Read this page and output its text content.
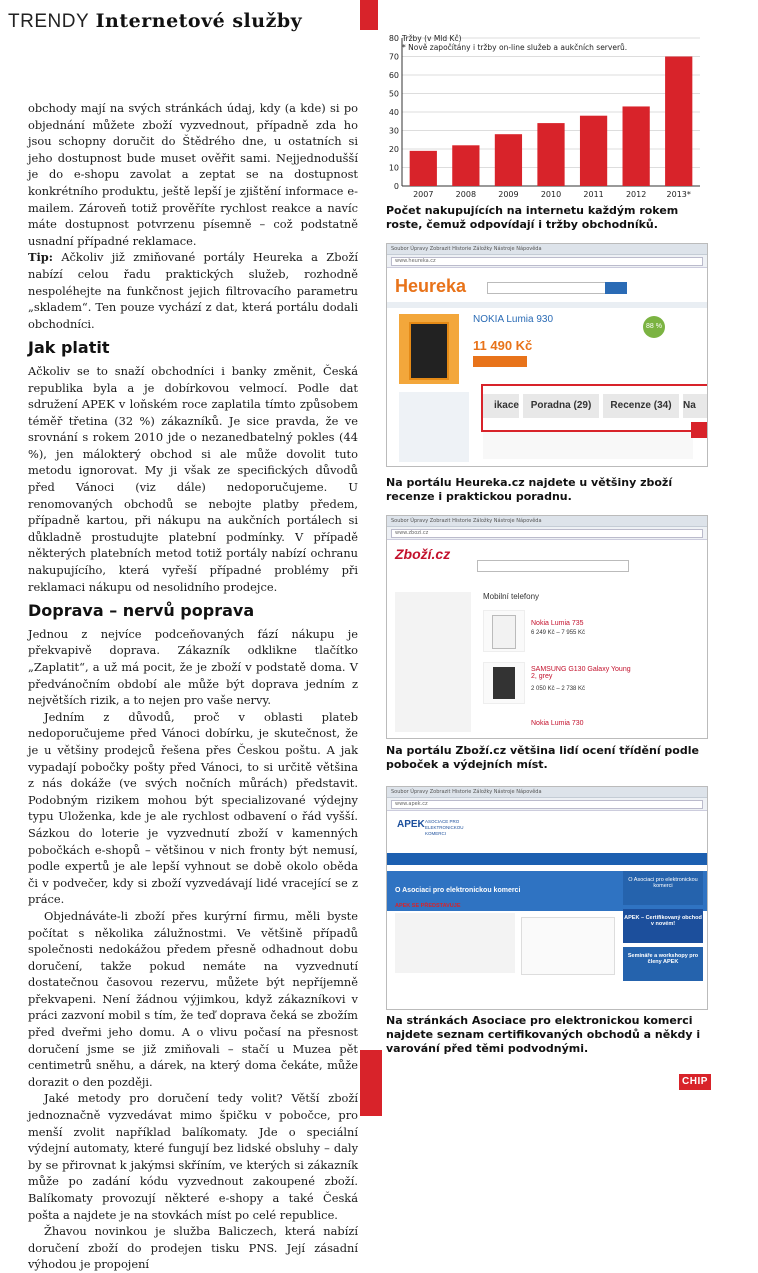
TRENDY Internetové služby

obchody mají na svých stránkách údaj, kdy (a kde) si po objednání můžete zboží vyzvednout, případně zda ho jsou schopny doručit do Štědrého dne, u ostatních si jeho dostupnost bude muset ověřit sami. Nejjednodušší je do e-shopu zavolat a zeptat se na dostupnost konkrétního produktu, ještě lepší je zjištění informace e-mailem. Zároveň totiž prověříte rychlost reakce a navíc máte dostupnost potvrzenu písemně – což podstatně usnadní případné reklamace.

Tip: Ačkoliv již zmiňované portály Heureka a Zboží nabízí celou řadu praktických služeb, rozhodně nespoléhejte na funkčnost jejich filtrovacího parametru „skladem“. Ten pouze vychází z dat, která portálu dodali obchodníci.

Jak platit

Ačkoliv se to snaží obchodníci i banky změnit, Česká republika byla a je dobírkovou velmocí. Podle dat sdružení APEK v loňském roce zaplatila tímto způsobem téměř třetina (32 %) zákazníků. Je sice pravda, že ve srovnání s rokem 2010 jde o nezanedbatelný pokles (44 %), jen málokterý obchod si ale může dovolit tuto metodu ignorovat. My ji však ze specifických důvodů před Vánoci (viz dále) nedoporučujeme. U renomovaných obchodů se nebojte platby předem, případně kartou, při nákupu na aukčních portálech si důkladně prostudujte platební podmínky. V případě některých platebních metod totiž portály nabízí ochranu nakupujícího, která vyřeší případné problémy při reklamaci nákupu od nesolidního prodejce.

Doprava – nervů poprava

Jednou z nejvíce podceňovaných fází nákupu je překvapivě doprava. Zákazník odklikne tlačítko „Zaplatit“, a už má pocit, že je zboží v podstatě doma. V předvánočním období ale může být doprava jedním z největších rizik, a to nejen pro vaše nervy.

Jedním z důvodů, proč v oblasti plateb nedoporučujeme před Vánoci dobírku, je skutečnost, že je u většiny prodejců řešena přes Českou poštu. A jak vypadají pobočky pošty před Vánoci, to si určitě většina z nás dokáže (ve svých nočních můrách) představit. Podobným rizikem mohou být specializované výdejny typu Uloženka, kde je ale rychlost odbavení o řád vyšší. Sázkou do loterie je vyzvednutí zboží v kamenných pobočkách e-shopů – většinou v nich fronty být nemusí, podle expertů je ale lepší vyhnout se době okolo oběda či v podvečer, kdy si zboží vyzvedávají lidé vracející se z práce.

Objednáváte-li zboží přes kurýrní firmu, měli byste počítat s několika zálužnostmi. Ve většině případů společnosti nedokážou předem přesně odhadnout dobu doručení, takže pokud nemáte na vyzvednutí dostatečnou časovou rezervu, můžete být nepříjemně překvapeni. Není žádnou výjimkou, když zákazníkovi v práci zazvoní mobil s tím, že teď doprava čeká se zbožím před dveřmi jeho domu. A o vlivu počasí na přesnost doručení jsme se již zmiňovali – stačí u Muzea pět centimetrů sněhu, a dárek, na který doma čekáte, může dorazit o den později.

Jaké metody pro doručení tedy volit? Větší zboží jednoznačně vyzvedávat mimo špičku v pobočce, pro menší zvolit například balíkomaty. Jde o speciální výdejní automaty, které fungují bez lidské obsluhy – daly by se přirovnat k jakýmsi skříním, ve kterých si zákazník může po zadání kódu vyzvednout zakoupené zboží. Balíkomaty provozují některé e-shopy a také Česká pošta a najdete je na stovkách míst po celé republice.

Žhavou novinkou je služba Baliczech, která nabízí doručení zboží do prodejen tisku PNS. Její zásadní výhodou je propojení

0
10
20
30
40
50
60
70
80
2007	2008	2009	2010	2011	2012	2013*
Tržby (v Mld Kč)
* Nově započítány i tržby on-line služeb a aukčních serverů.
Počet nakupujících na internetu každým rokem roste, čemuž odpovídají i tržby obchodníků.
Soubor Úpravy Zobrazit Historie Záložky Nástroje Nápověda
www.heureka.cz
Heureka
NOKIA Lumia 930
11 490 Kč
88 %
ikace	Poradna (29)	Recenze (34)	Na
Na portálu Heureka.cz najdete u většiny zboží recenze i praktickou poradnu.
Soubor Úpravy Zobrazit Historie Záložky Nástroje Nápověda
www.zbozi.cz
Zboží.cz
Mobilní telefony
Nokia Lumia 735
6 249 Kč – 7 955 Kč
SAMSUNG G130 Galaxy Young 2, grey
2 050 Kč – 2 738 Kč
Nokia Lumia 730
Na portálu Zboží.cz většina lidí ocení třídění podle poboček a výdejních míst.
Soubor Úpravy Zobrazit Historie Záložky Nástroje Nápověda
www.apek.cz
APEK ASOCIACE PRO ELEKTRONICKOU KOMERCI
O Asociaci pro elektronickou komerci
APEK SE PŘEDSTAVUJE
O Asociaci pro elektronickou komerci
APEK – Certifikovaný obchod v novém!
Semináře a workshopy pro členy APEK
Na stránkách Asociace pro elektronickou komerci najdete seznam certifikovaných obchodů a někdy i varování před těmi podvodnými.
CHIP
